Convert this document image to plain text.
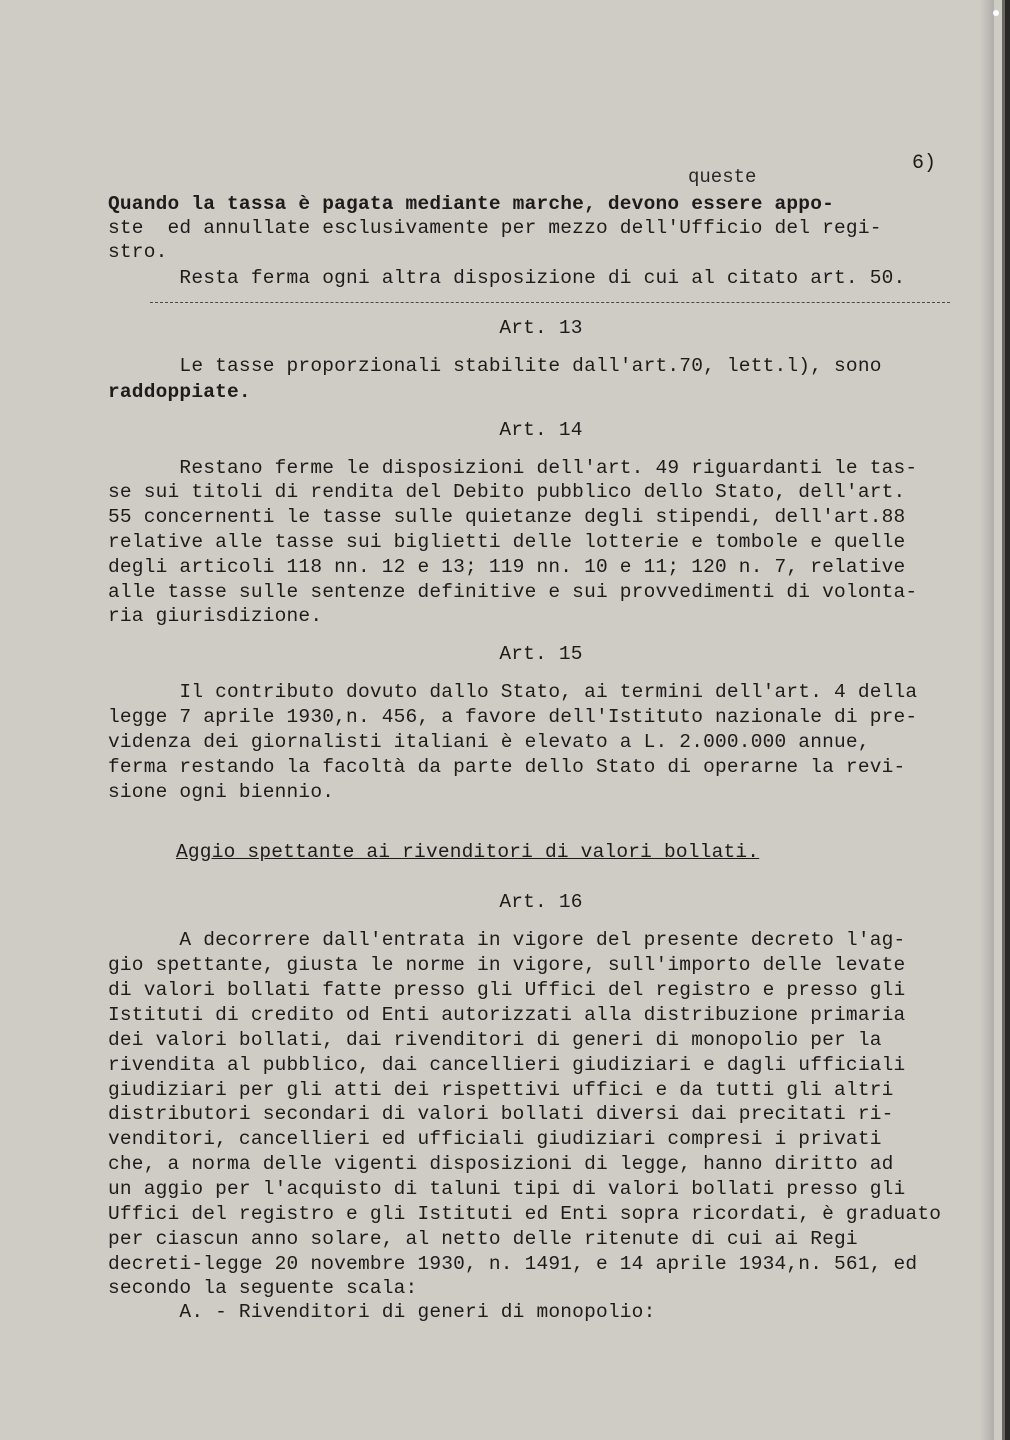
6)
queste
Quando la tassa è pagata mediante marche, devono essere appo-
ste  ed annullate esclusivamente per mezzo dell'Ufficio del regi-
stro.
Resta ferma ogni altra disposizione di cui al citato art. 50.
Art. 13
Le tasse proporzionali stabilite dall'art.70, lett.l), sono
raddoppiate.
Art. 14
Restano ferme le disposizioni dell'art. 49 riguardanti le tas-
se sui titoli di rendita del Debito pubblico dello Stato, dell'art.
55 concernenti le tasse sulle quietanze degli stipendi, dell'art.88
relative alle tasse sui biglietti delle lotterie e tombole e quelle
degli articoli 118 nn. 12 e 13; 119 nn. 10 e 11; 120 n. 7, relative
alle tasse sulle sentenze definitive e sui provvedimenti di volonta-
ria giurisdizione.
Art. 15
Il contributo dovuto dallo Stato, ai termini dell'art. 4 della
legge 7 aprile 1930,n. 456, a favore dell'Istituto nazionale di pre-
videnza dei giornalisti italiani è elevato a L. 2.000.000 annue,
ferma restando la facoltà da parte dello Stato di operarne la revi-
sione ogni biennio.
Aggio spettante ai rivenditori di valori bollati.
Art. 16
A decorrere dall'entrata in vigore del presente decreto l'ag-
gio spettante, giusta le norme in vigore, sull'importo delle levate
di valori bollati fatte presso gli Uffici del registro e presso gli
Istituti di credito od Enti autorizzati alla distribuzione primaria
dei valori bollati, dai rivenditori di generi di monopolio per la
rivendita al pubblico, dai cancellieri giudiziari e dagli ufficiali
giudiziari per gli atti dei rispettivi uffici e da tutti gli altri
distributori secondari di valori bollati diversi dai precitati ri-
venditori, cancellieri ed ufficiali giudiziari compresi i privati
che, a norma delle vigenti disposizioni di legge, hanno diritto ad
un aggio per l'acquisto di taluni tipi di valori bollati presso gli
Uffici del registro e gli Istituti ed Enti sopra ricordati, è graduato
per ciascun anno solare, al netto delle ritenute di cui ai Regi
decreti-legge 20 novembre 1930, n. 1491, e 14 aprile 1934,n. 561, ed
secondo la seguente scala:
A. - Rivenditori di generi di monopolio:
